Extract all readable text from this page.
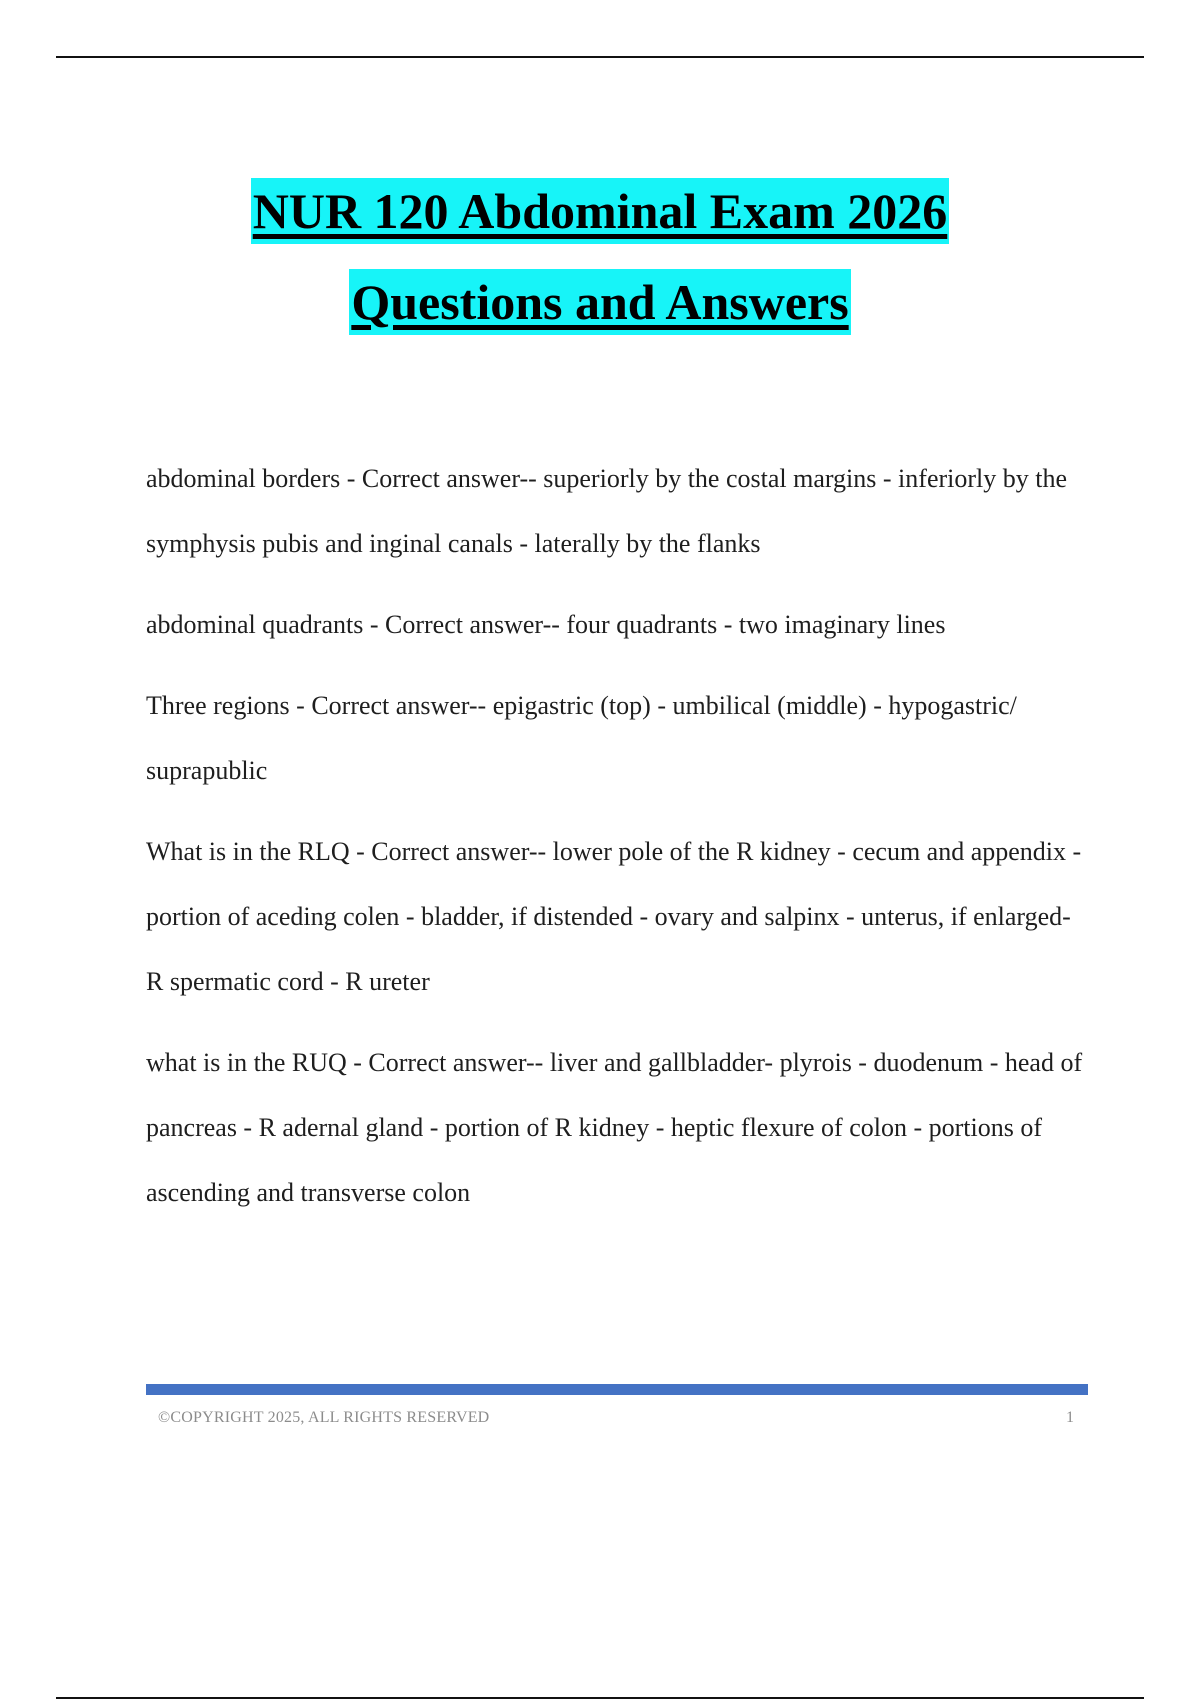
NUR 120 Abdominal Exam 2026
Questions and Answers

abdominal borders - Correct answer-- superiorly by the costal margins - inferiorly by the symphysis pubis and inginal canals - laterally by the flanks

abdominal quadrants - Correct answer-- four quadrants - two imaginary lines

Three regions - Correct answer-- epigastric (top) - umbilical (middle) - hypogastric/ suprapublic

What is in the RLQ - Correct answer-- lower pole of the R kidney - cecum and appendix - portion of aceding colen - bladder, if distended - ovary and salpinx - unterus, if enlarged- R spermatic cord - R ureter

what is in the RUQ - Correct answer-- liver and gallbladder- plyrois - duodenum - head of pancreas - R adernal gland - portion of R kidney - heptic flexure of colon - portions of ascending and transverse colon

©COPYRIGHT 2025, ALL RIGHTS RESERVED	1
